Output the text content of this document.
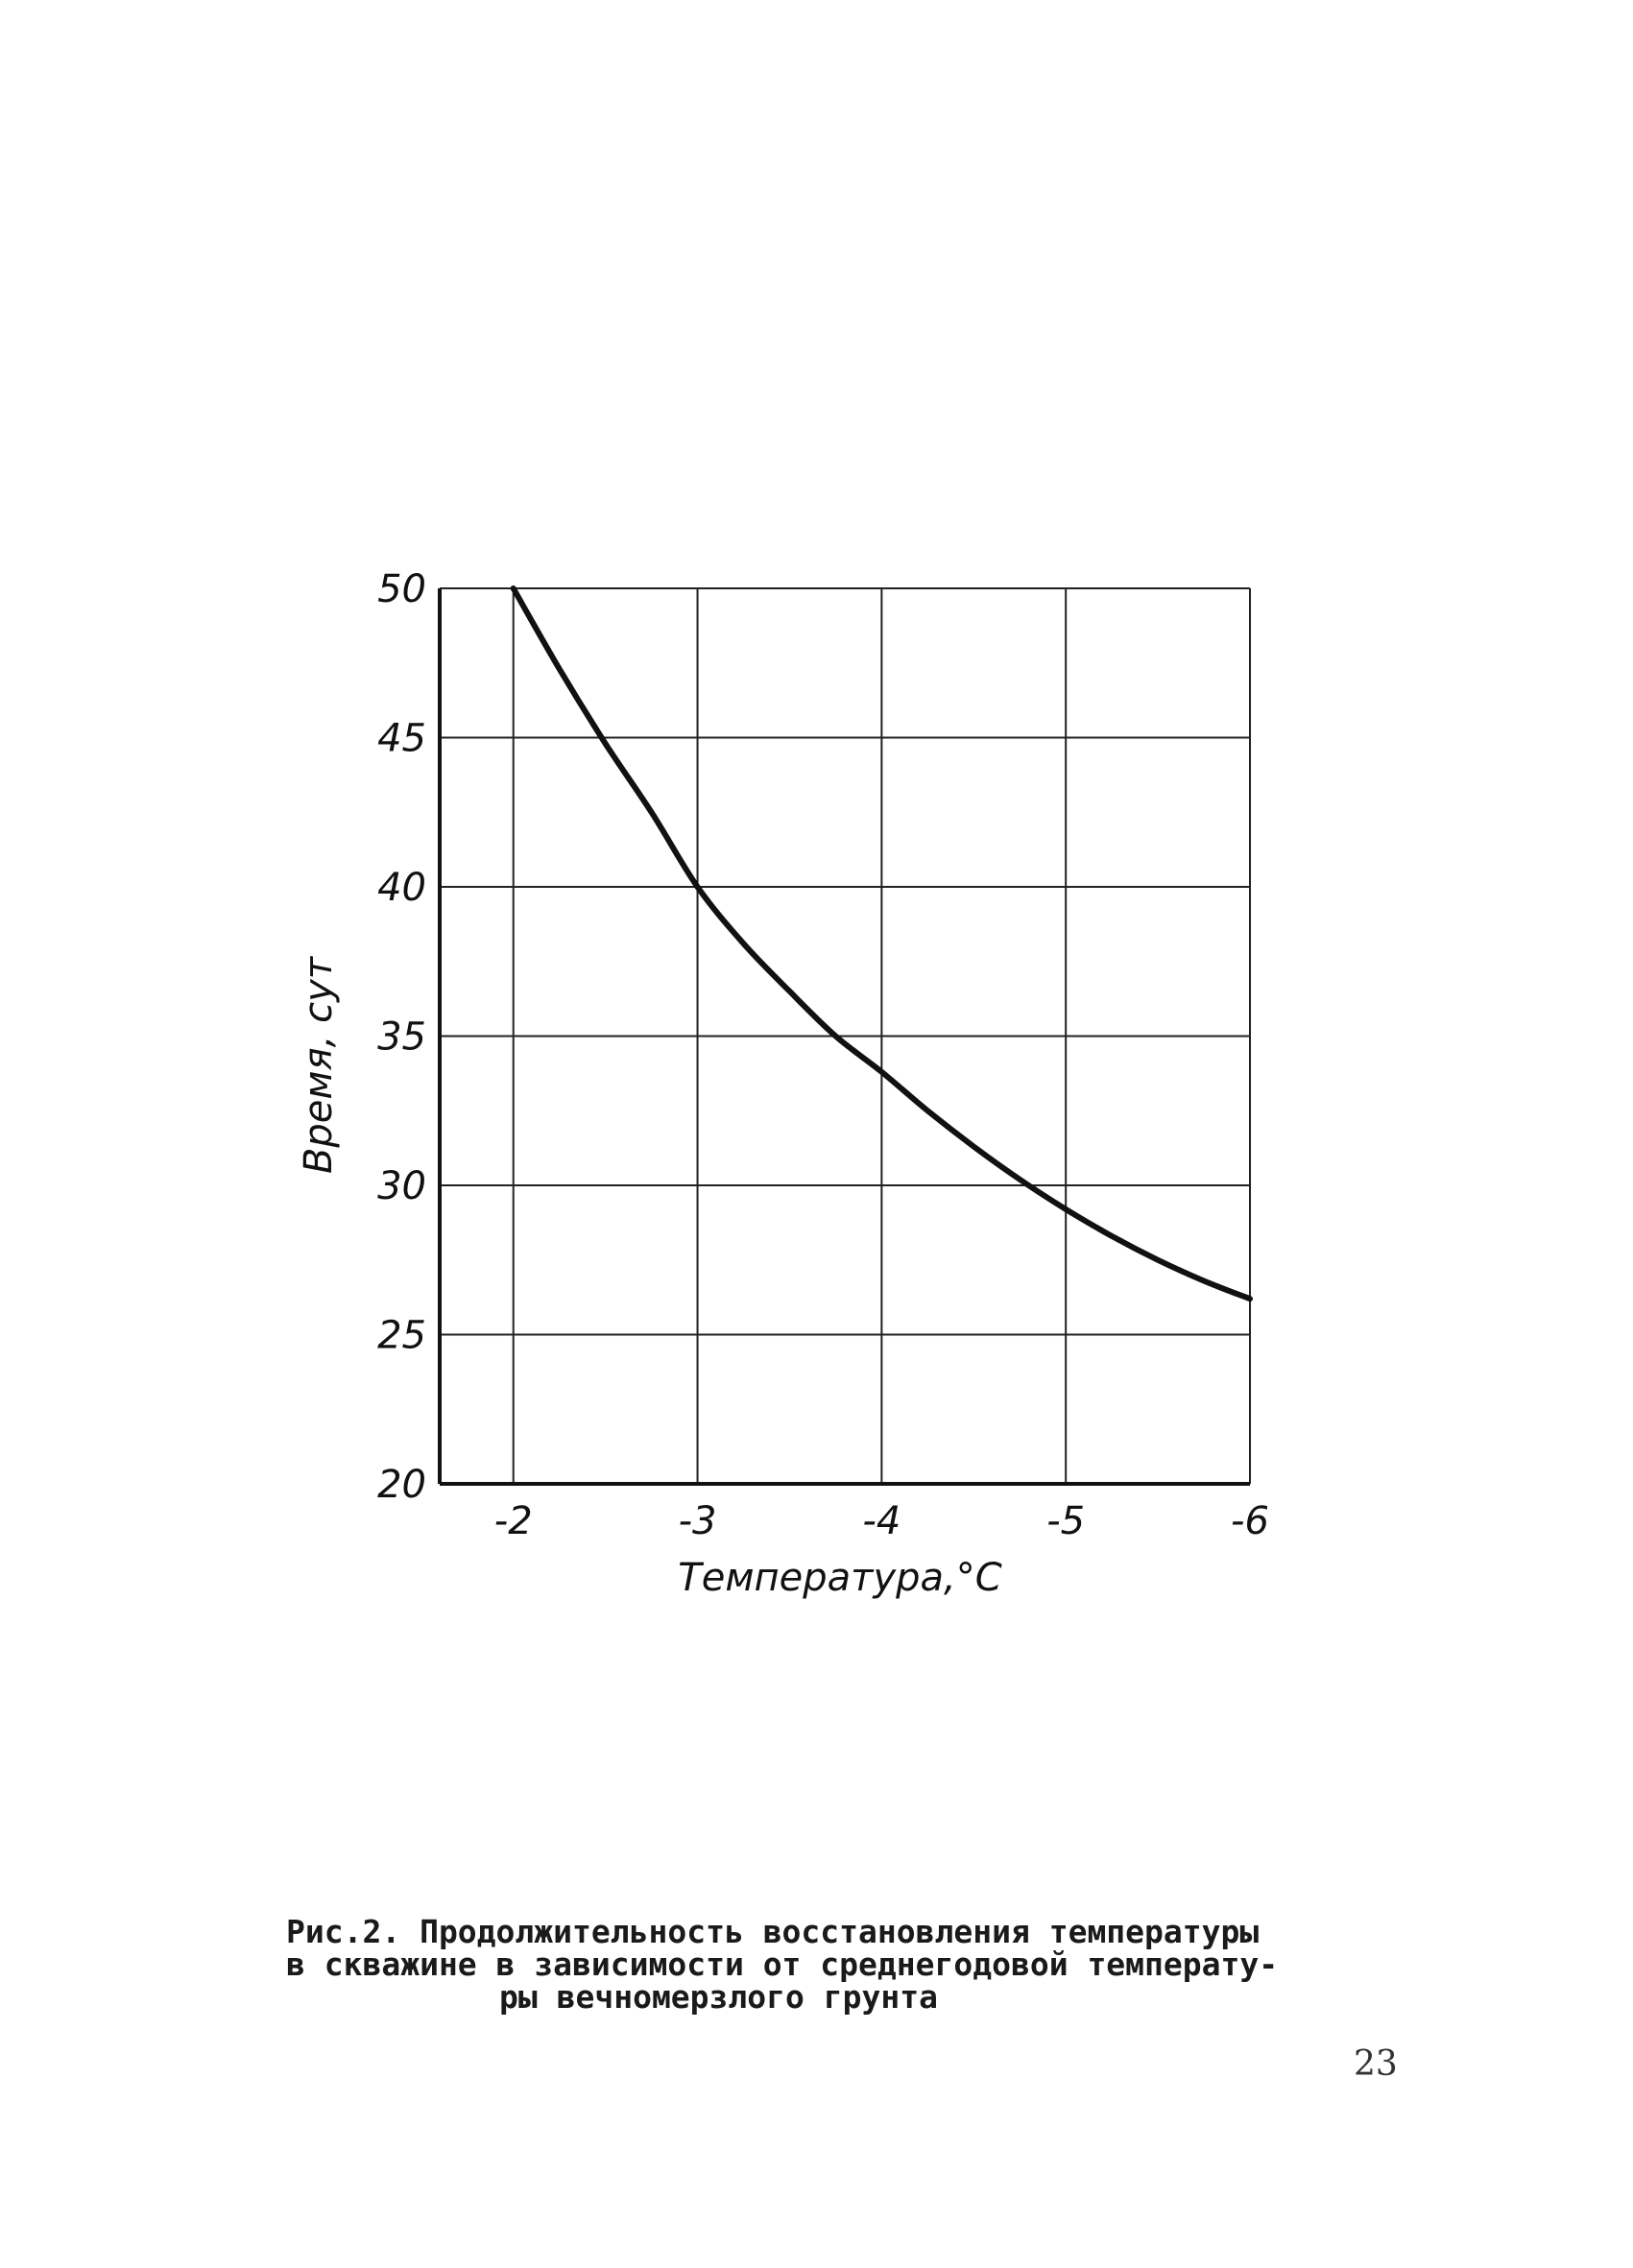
50
45
40
35
30
25
20
-2	-3	-4	-5	-6
Время, сут
Температура,°С
Рис.2. Продолжительность восстановления температуры
в скважине в зависимости от среднегодовой температу-
ры вечномерзлого грунта
23
